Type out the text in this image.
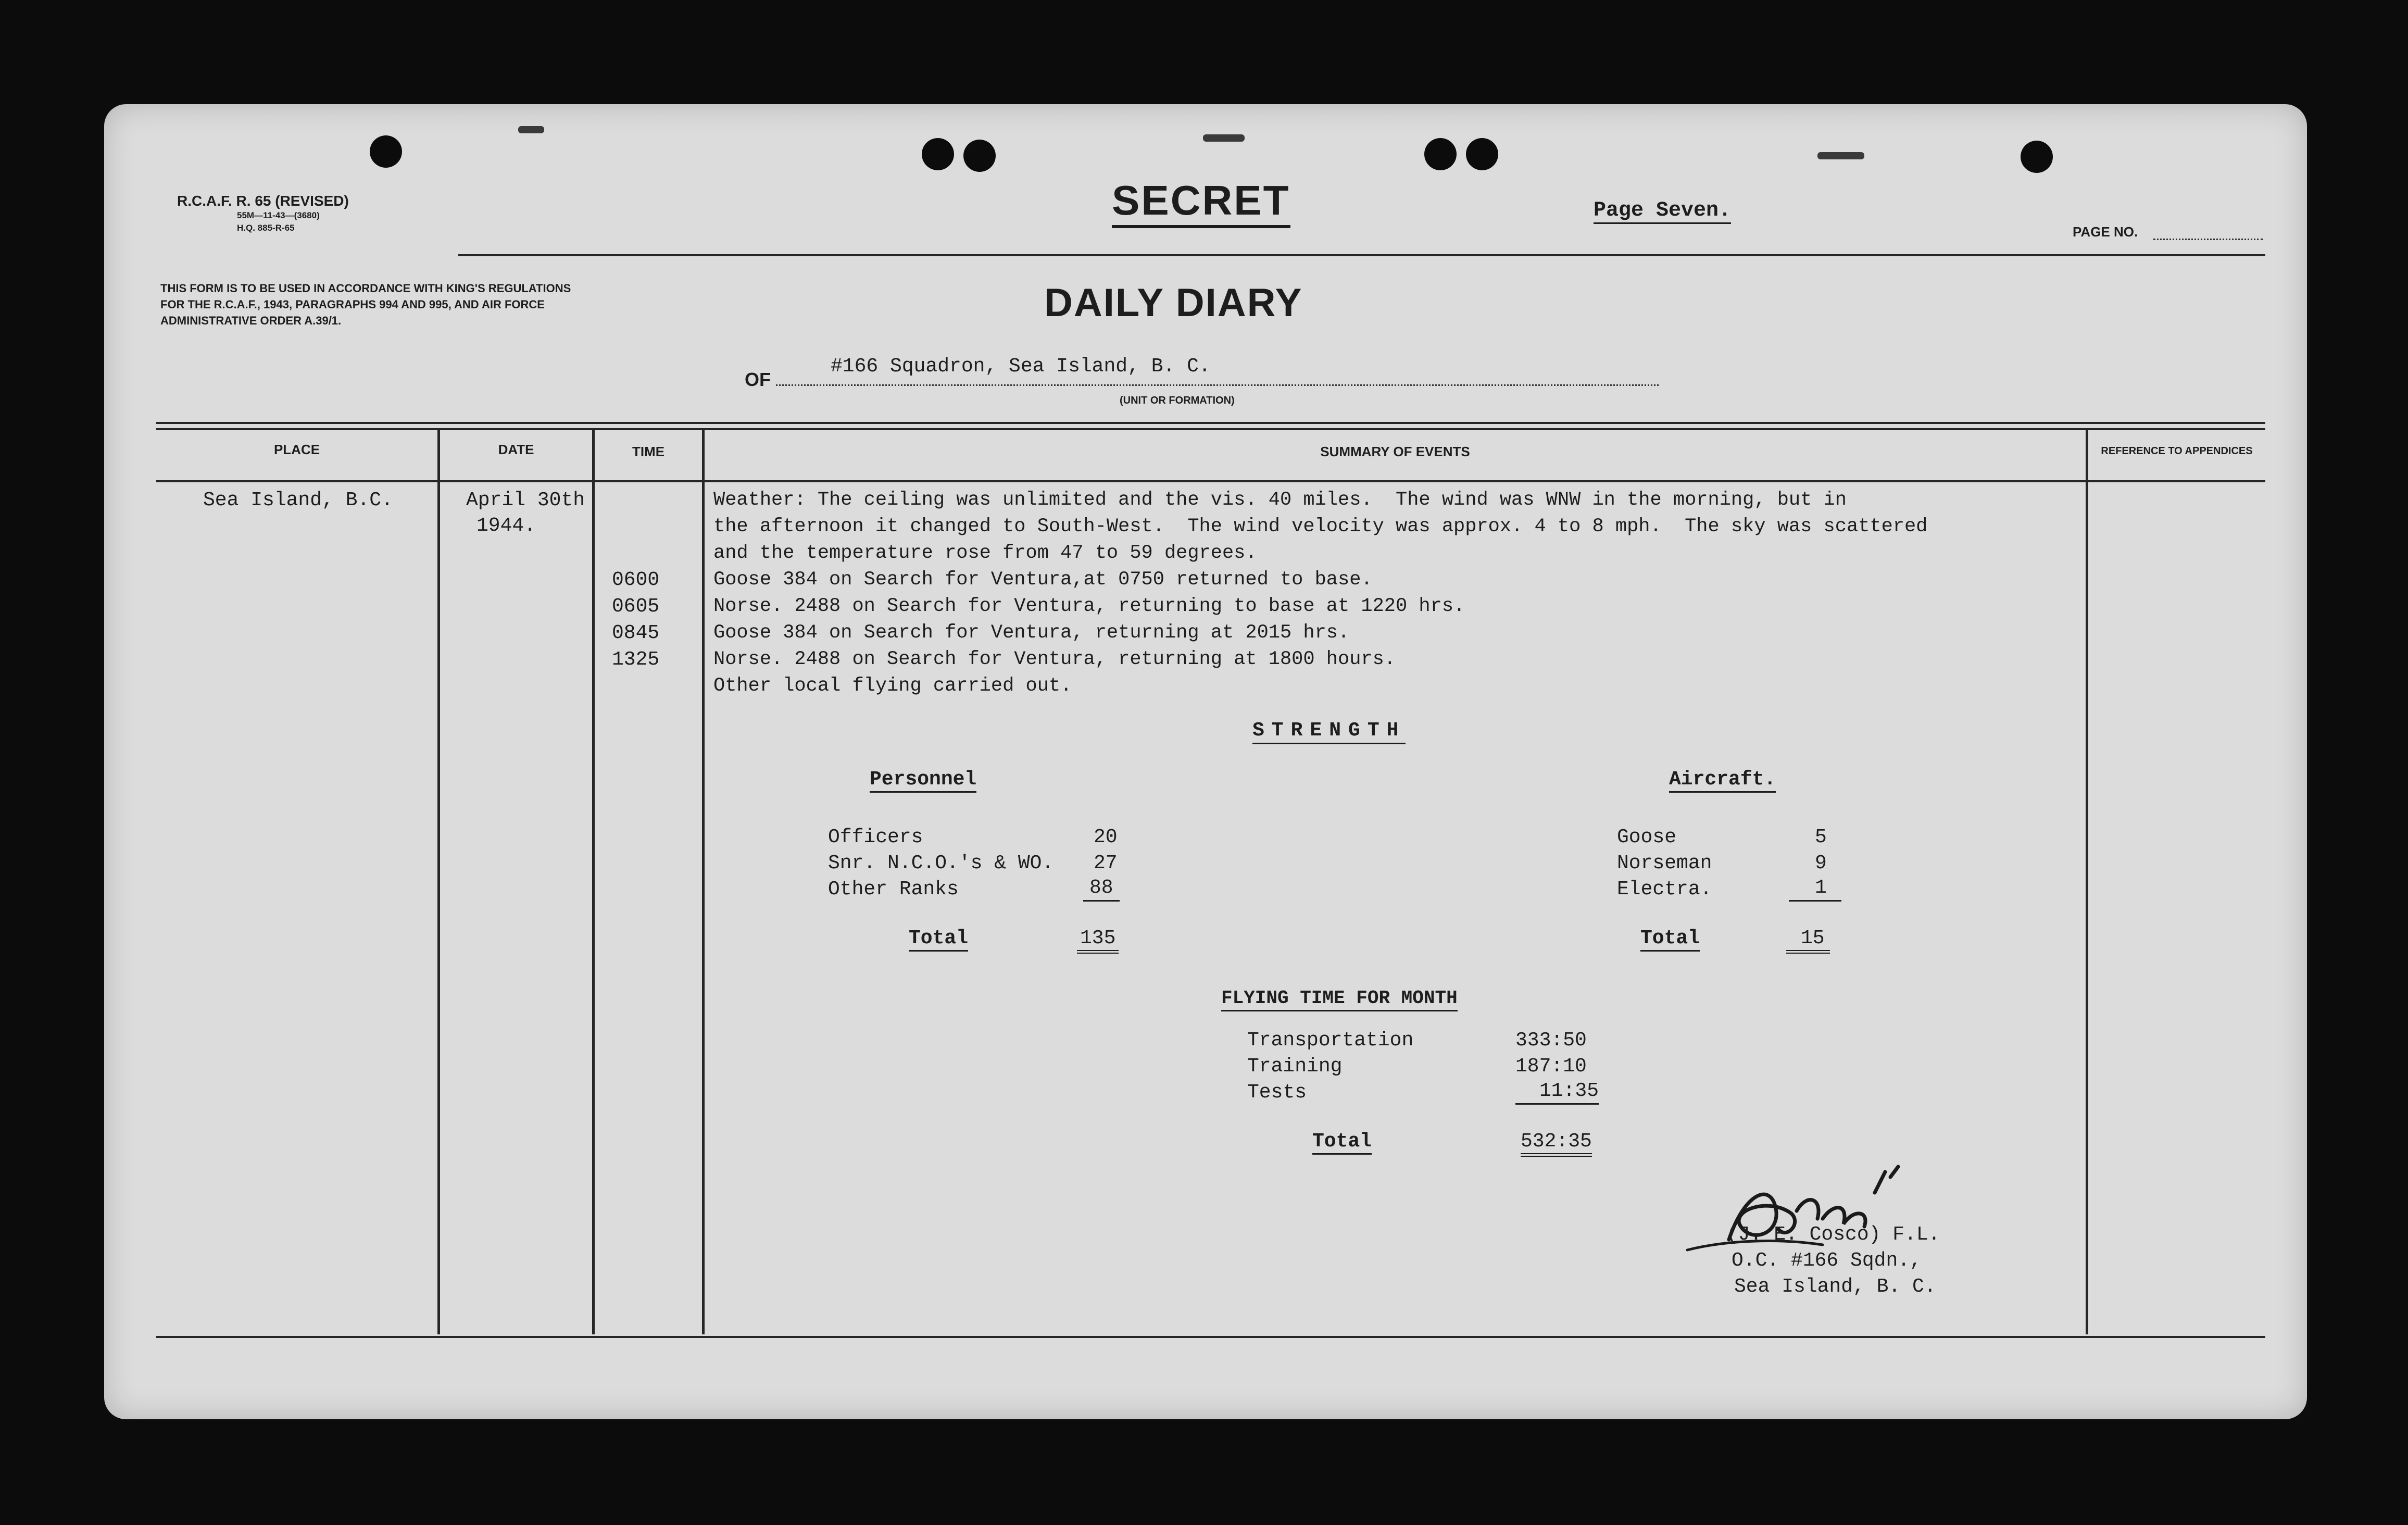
R.C.A.F. R. 65 (REVISED)
55M—11-43—(3680)
H.Q. 885-R-65
SECRET	Page Seven.
PAGE NO.
THIS FORM IS TO BE USED IN ACCORDANCE WITH KING'S REGULATIONS FOR THE R.C.A.F., 1943, PARAGRAPHS 994 AND 995, AND AIR FORCE ADMINISTRATIVE ORDER A.39/1.	DAILY DIARY
OF
#166 Squadron, Sea Island, B. C.
(UNIT OR FORMATION)
PLACE	DATE	TIME	SUMMARY OF EVENTS	REFERENCE TO APPENDICES
Sea Island, B.C.	April 30th
1944.
Weather: The ceiling was unlimited and the vis. 40 miles.  The wind was WNW in the morning, but in
the afternoon it changed to South-West.  The wind velocity was approx. 4 to 8 mph.  The sky was scattered
and the temperature rose from 47 to 59 degrees.
0600	Goose 384 on Search for Ventura,at 0750 returned to base.
0605	Norse. 2488 on Search for Ventura, returning to base at 1220 hrs.
0845	Goose 384 on Search for Ventura, returning at 2015 hrs.
1325	Norse. 2488 on Search for Ventura, returning at 1800 hours.
Other local flying carried out.
STRENGTH
Personnel
Officers	20
Snr. N.C.O.'s & WO. 27
Other Ranks	88
Total	135
Aircraft.
Goose	5
Norseman	9
Electra.	1
Total	15
FLYING TIME FOR MONTH
Transportation	333:50
Training	187:10
Tests	11:35
Total	532:35
(J. E. Cosco) F.L.
O.C. #166 Sqdn.,
Sea Island, B. C.
